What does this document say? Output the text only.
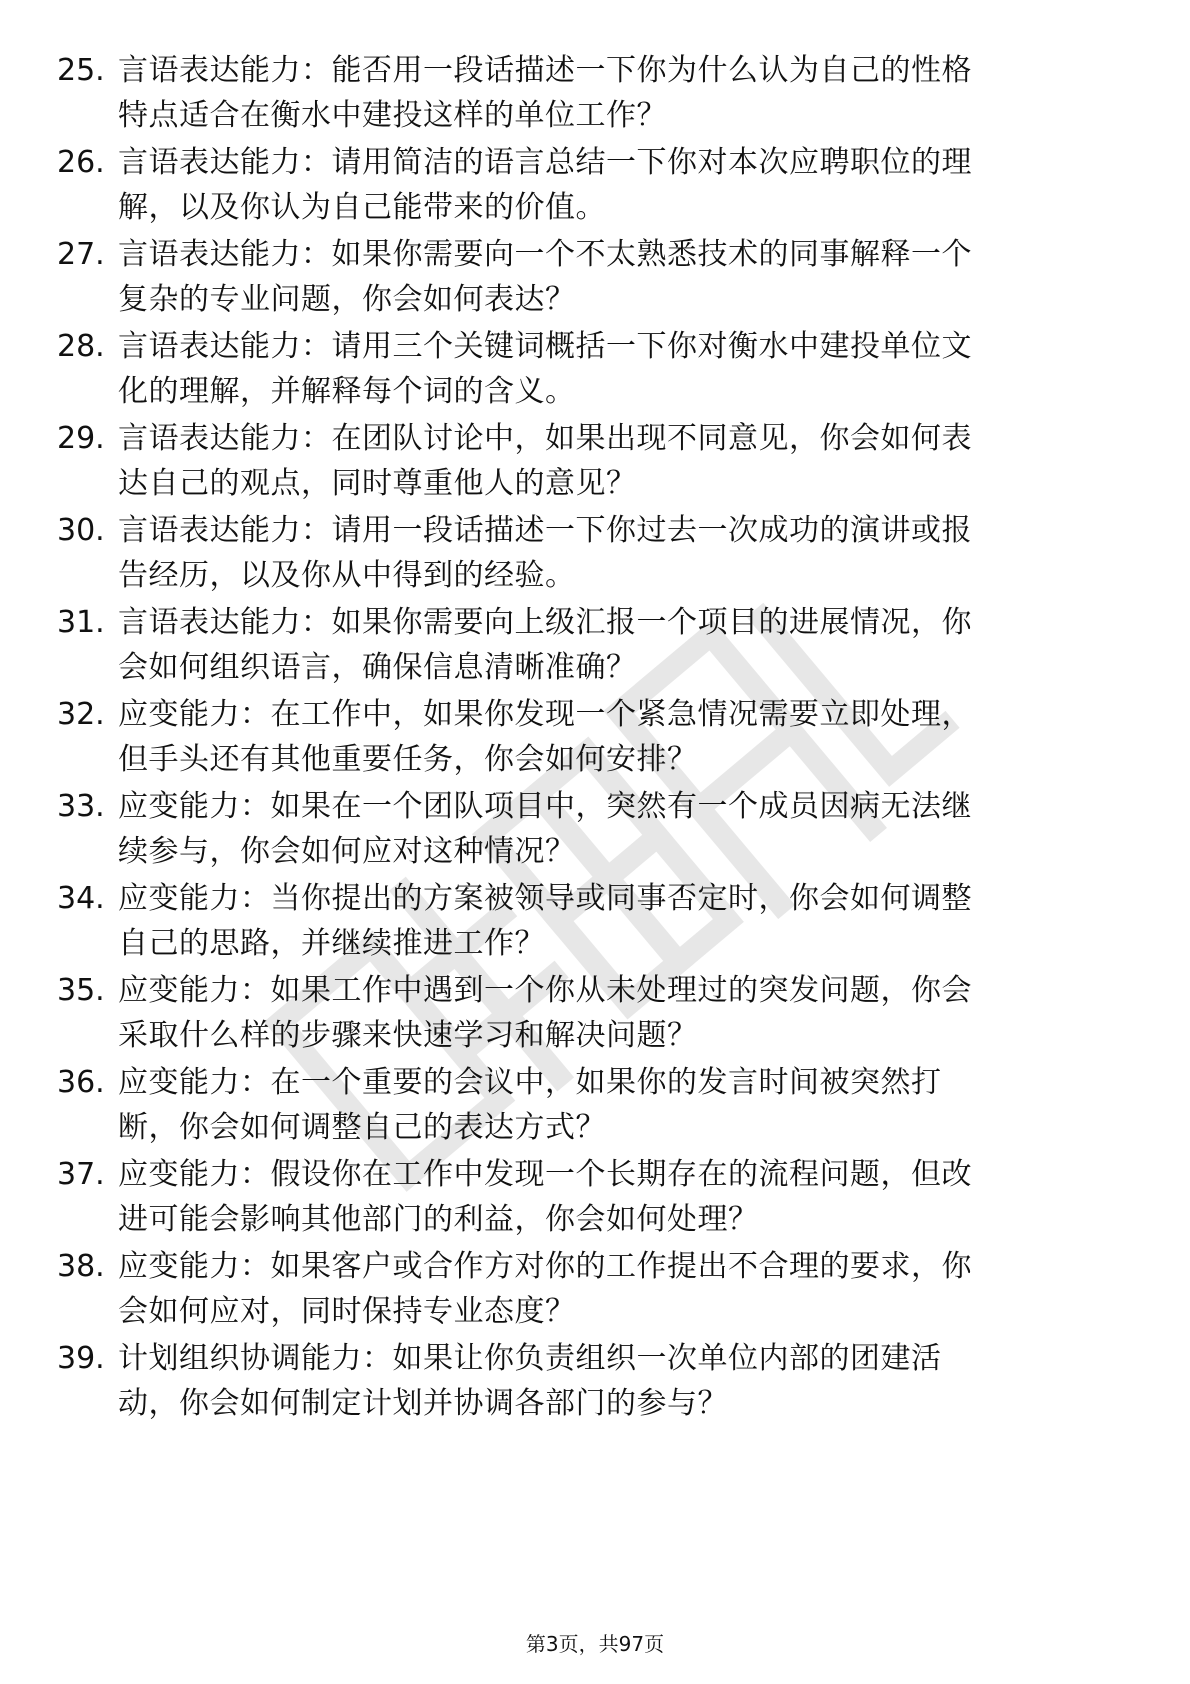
25. 言语表达能力：能否用一段话描述一下你为什么认为自己的性格
特点适合在衡水中建投这样的单位工作？
26. 言语表达能力：请用简洁的语言总结一下你对本次应聘职位的理
解，以及你认为自己能带来的价值。
27. 言语表达能力：如果你需要向一个不太熟悉技术的同事解释一个
复杂的专业问题，你会如何表达？
28. 言语表达能力：请用三个关键词概括一下你对衡水中建投单位文
化的理解，并解释每个词的含义。
29. 言语表达能力：在团队讨论中，如果出现不同意见，你会如何表
达自己的观点，同时尊重他人的意见？
30. 言语表达能力：请用一段话描述一下你过去一次成功的演讲或报
告经历，以及你从中得到的经验。
31. 言语表达能力：如果你需要向上级汇报一个项目的进展情况，你
会如何组织语言，确保信息清晰准确？
32. 应变能力：在工作中，如果你发现一个紧急情况需要立即处理，
但手头还有其他重要任务，你会如何安排？
33. 应变能力：如果在一个团队项目中，突然有一个成员因病无法继
续参与，你会如何应对这种情况？
34. 应变能力：当你提出的方案被领导或同事否定时，你会如何调整
自己的思路，并继续推进工作？
35. 应变能力：如果工作中遇到一个你从未处理过的突发问题，你会
采取什么样的步骤来快速学习和解决问题？
36. 应变能力：在一个重要的会议中，如果你的发言时间被突然打
断，你会如何调整自己的表达方式？
37. 应变能力：假设你在工作中发现一个长期存在的流程问题，但改
进可能会影响其他部门的利益，你会如何处理？
38. 应变能力：如果客户或合作方对你的工作提出不合理的要求，你
会如何应对，同时保持专业态度？
39. 计划组织协调能力：如果让你负责组织一次单位内部的团建活
动，你会如何制定计划并协调各部门的参与？
第3页，共97页
